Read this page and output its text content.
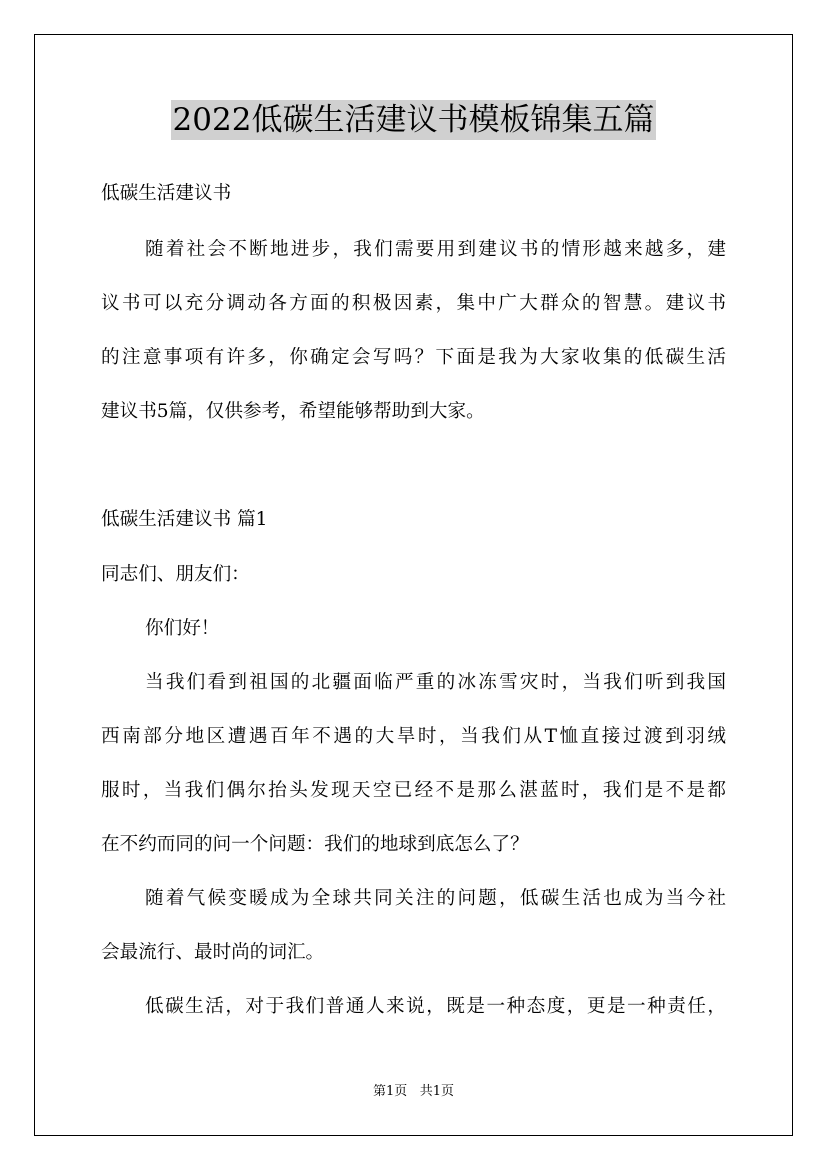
2022低碳生活建议书模板锦集五篇
低碳生活建议书
随着社会不断地进步，我们需要用到建议书的情形越来越多，建
议书可以充分调动各方面的积极因素，集中广大群众的智慧。建议书
的注意事项有许多，你确定会写吗？下面是我为大家收集的低碳生活
建议书5篇，仅供参考，希望能够帮助到大家。
低碳生活建议书 篇1
同志们、朋友们：
你们好！
当我们看到祖国的北疆面临严重的冰冻雪灾时，当我们听到我国
西南部分地区遭遇百年不遇的大旱时，当我们从T恤直接过渡到羽绒
服时，当我们偶尔抬头发现天空已经不是那么湛蓝时，我们是不是都
在不约而同的问一个问题：我们的地球到底怎么了？
随着气候变暖成为全球共同关注的问题，低碳生活也成为当今社
会最流行、最时尚的词汇。
低碳生活，对于我们普通人来说，既是一种态度，更是一种责任，
第1页 共1页
